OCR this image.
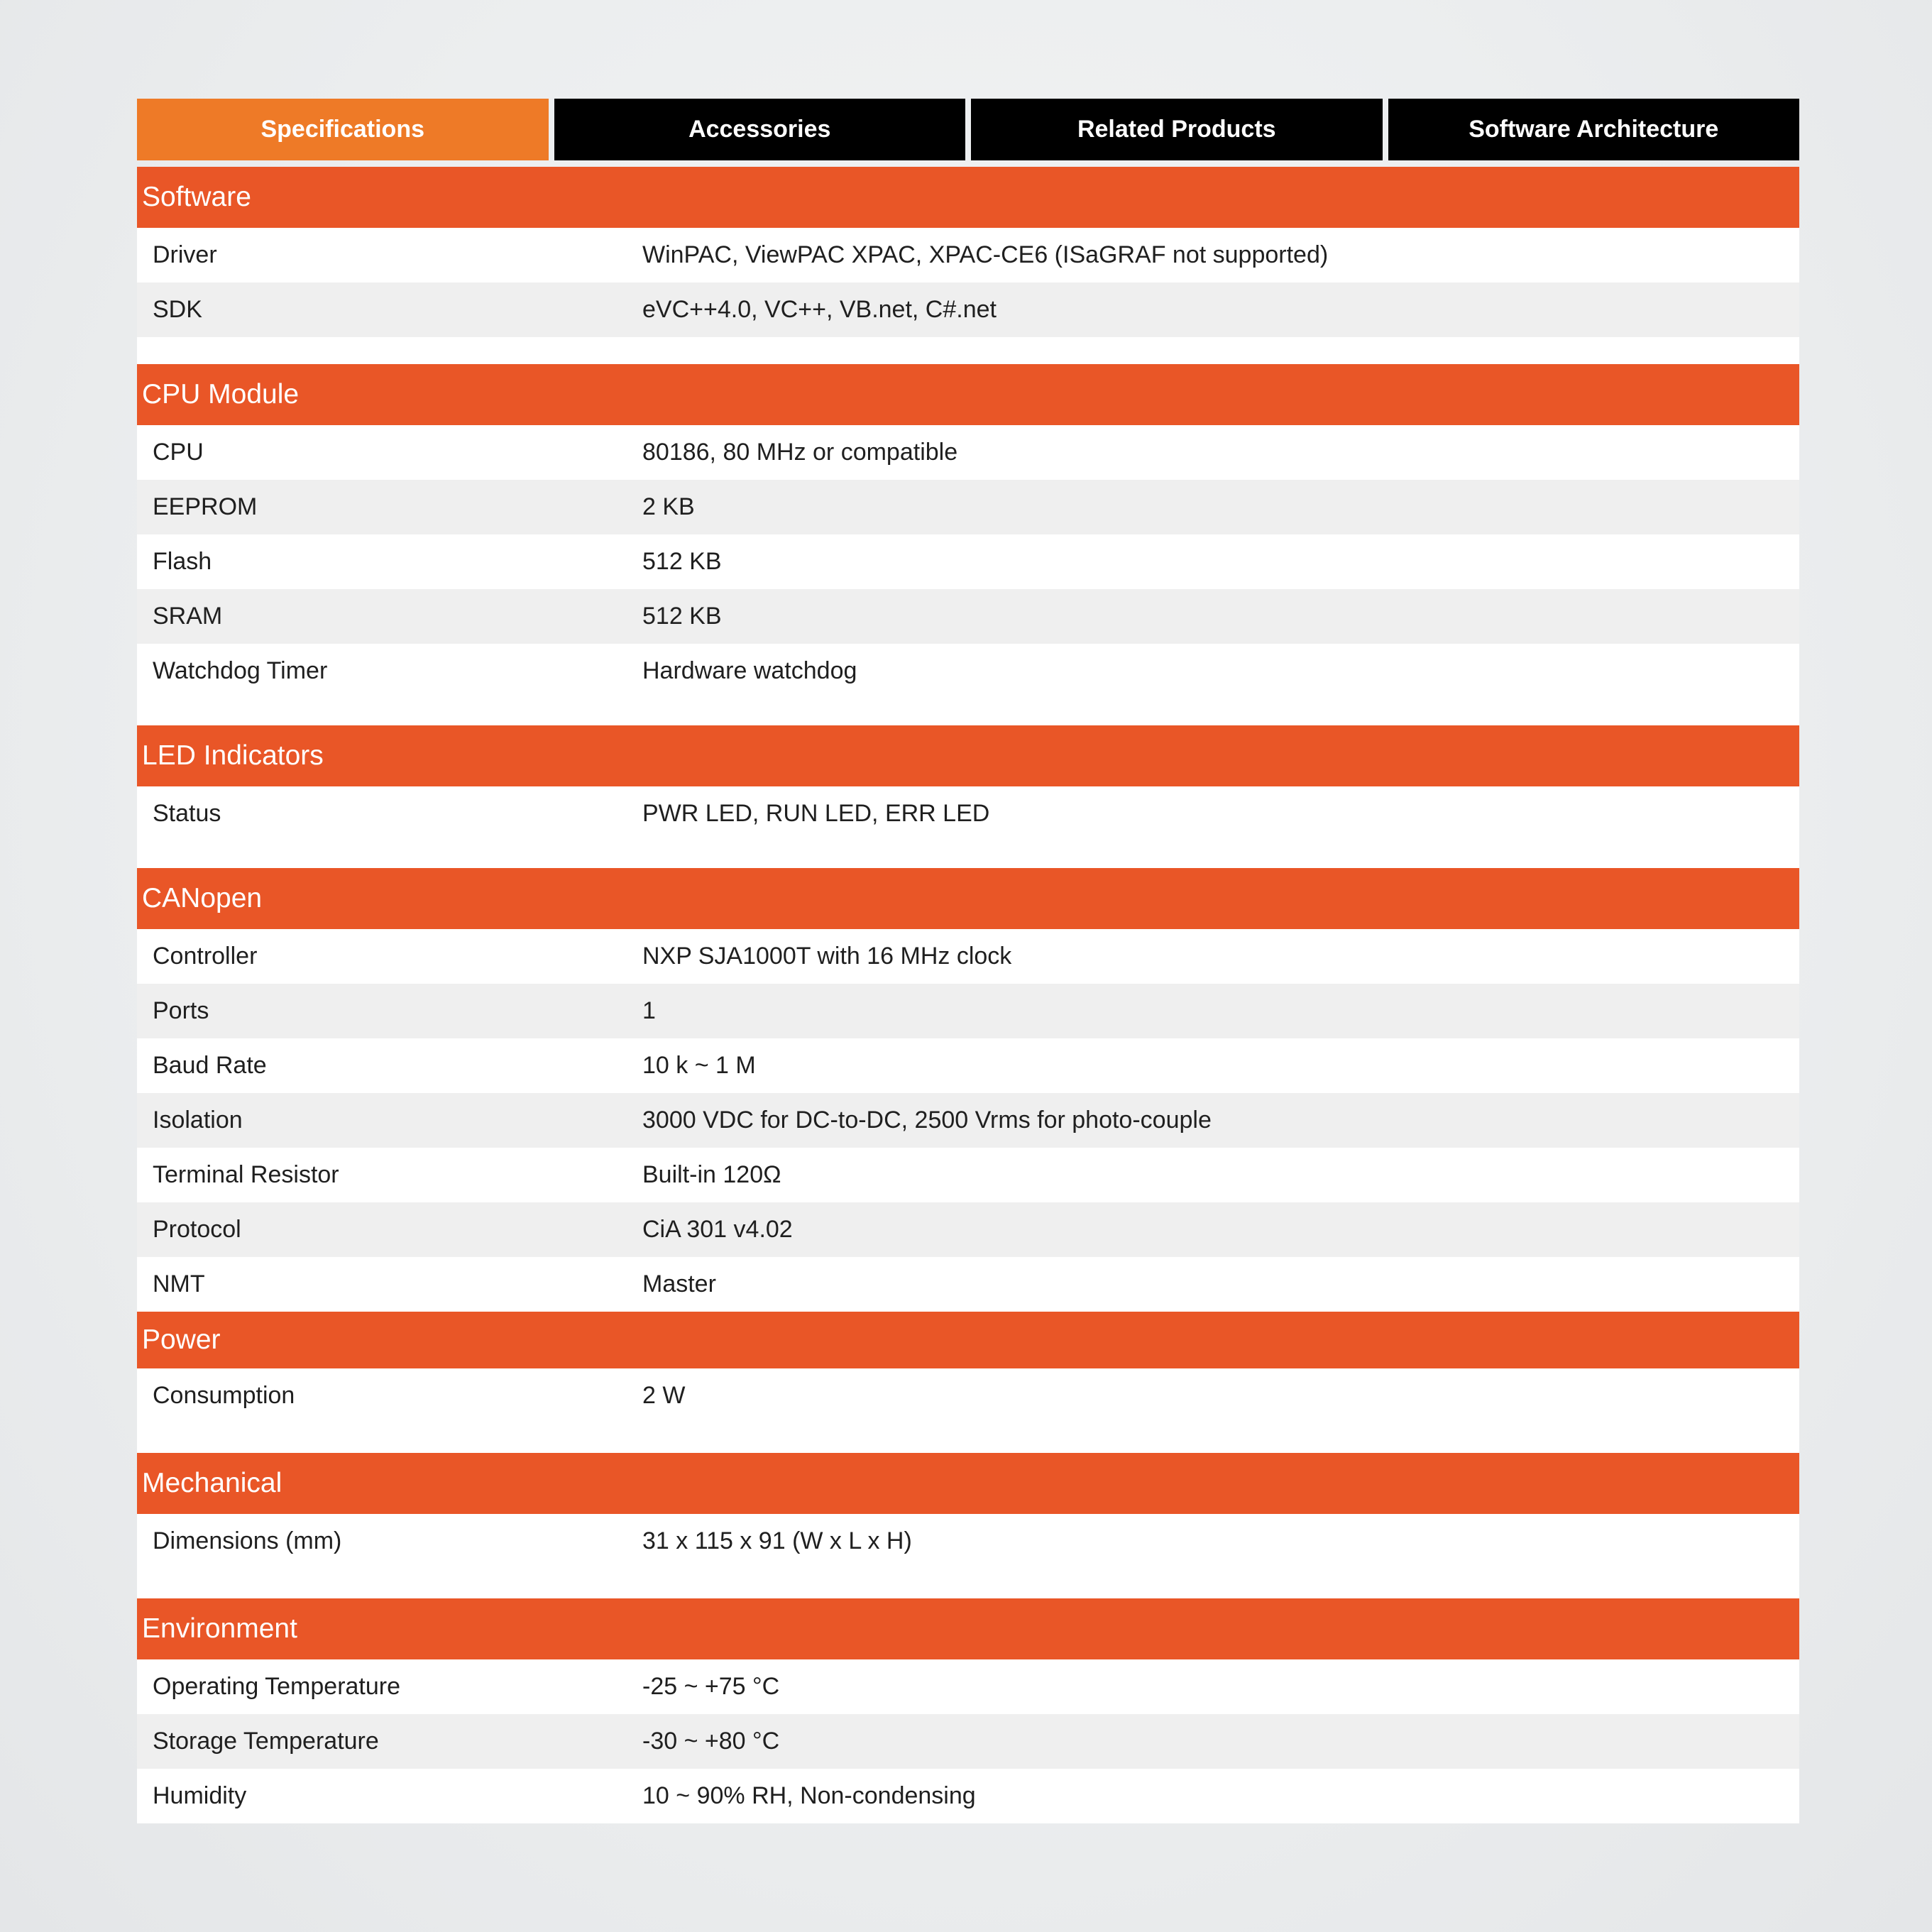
Specifications	Accessories	Related Products	Software Architecture
Software
Driver	WinPAC, ViewPAC XPAC, XPAC-CE6 (ISaGRAF not supported)
SDK	eVC++4.0, VC++, VB.net, C#.net
CPU Module
CPU	80186, 80 MHz or compatible
EEPROM	2 KB
Flash	512 KB
SRAM	512 KB
Watchdog Timer	Hardware watchdog
LED Indicators
Status	PWR LED, RUN LED, ERR LED
CANopen
Controller	NXP SJA1000T with 16 MHz clock
Ports	1
Baud Rate	10 k ~ 1 M
Isolation	3000 VDC for DC-to-DC, 2500 Vrms for photo-couple
Terminal Resistor	Built-in 120Ω
Protocol	CiA 301 v4.02
NMT	Master
Power
Consumption	2 W
Mechanical
Dimensions (mm)	31 x 115 x 91 (W x L x H)
Environment
Operating Temperature	-25 ~ +75 °C
Storage Temperature	-30 ~ +80 °C
Humidity	10 ~ 90% RH, Non-condensing
